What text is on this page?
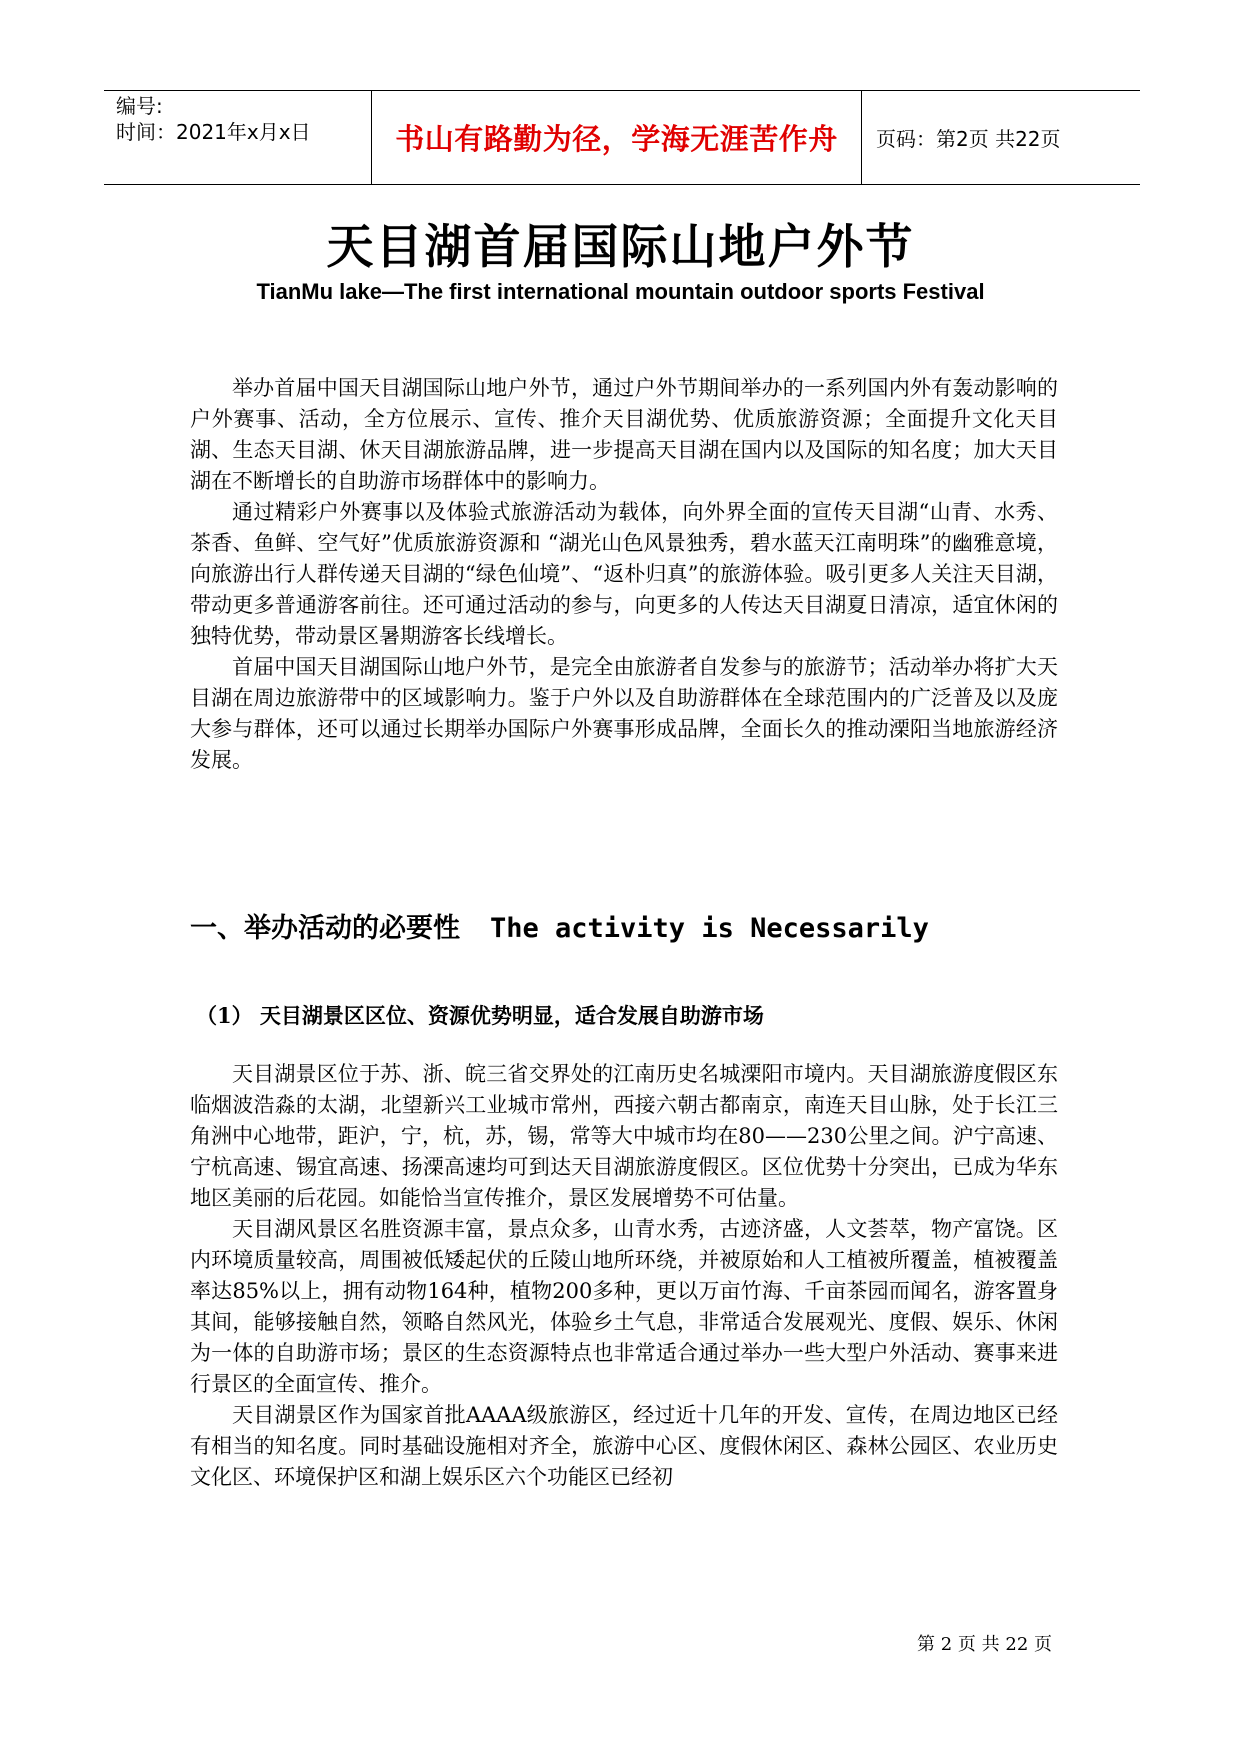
编号:
时间：2021年x月x日	书山有路勤为径，学海无涯苦作舟	页码：第2页 共22页
天目湖首届国际山地户外节
TianMu lake—The first international mountain outdoor sports Festival

举办首届中国天目湖国际山地户外节，通过户外节期间举办的一系列国内外有轰动影响的户外赛事、活动，全方位展示、宣传、推介天目湖优势、优质旅游资源；全面提升文化天目湖、生态天目湖、休天目湖旅游品牌，进一步提高天目湖在国内以及国际的知名度；加大天目湖在不断增长的自助游市场群体中的影响力。

通过精彩户外赛事以及体验式旅游活动为载体，向外界全面的宣传天目湖“山青、水秀、茶香、鱼鲜、空气好”优质旅游资源和 “湖光山色风景独秀，碧水蓝天江南明珠”的幽雅意境，向旅游出行人群传递天目湖的“绿色仙境”、“返朴归真”的旅游体验。吸引更多人关注天目湖，带动更多普通游客前往。还可通过活动的参与，向更多的人传达天目湖夏日清凉，适宜休闲的独特优势，带动景区暑期游客长线增长。

首届中国天目湖国际山地户外节，是完全由旅游者自发参与的旅游节；活动举办将扩大天目湖在周边旅游带中的区域影响力。鉴于户外以及自助游群体在全球范围内的广泛普及以及庞大参与群体，还可以通过长期举办国际户外赛事形成品牌，全面长久的推动溧阳当地旅游经济发展。

一、举办活动的必要性 The activity is Necessarily
（1） 天目湖景区区位、资源优势明显，适合发展自助游市场

天目湖景区位于苏、浙、皖三省交界处的江南历史名城溧阳市境内。天目湖旅游度假区东临烟波浩淼的太湖，北望新兴工业城市常州，西接六朝古都南京，南连天目山脉，处于长江三角洲中心地带，距沪，宁，杭，苏，锡，常等大中城市均在80——230公里之间。沪宁高速、宁杭高速、锡宜高速、扬溧高速均可到达天目湖旅游度假区。区位优势十分突出，已成为华东地区美丽的后花园。如能恰当宣传推介，景区发展增势不可估量。

天目湖风景区名胜资源丰富，景点众多，山青水秀，古迹济盛，人文荟萃，物产富饶。区内环境质量较高，周围被低矮起伏的丘陵山地所环绕，并被原始和人工植被所覆盖，植被覆盖率达85%以上，拥有动物164种，植物200多种，更以万亩竹海、千亩茶园而闻名，游客置身其间，能够接触自然，领略自然风光，体验乡土气息，非常适合发展观光、度假、娱乐、休闲为一体的自助游市场；景区的生态资源特点也非常适合通过举办一些大型户外活动、赛事来进行景区的全面宣传、推介。

天目湖景区作为国家首批AAAA级旅游区，经过近十几年的开发、宣传，在周边地区已经有相当的知名度。同时基础设施相对齐全，旅游中心区、度假休闲区、森林公园区、农业历史文化区、环境保护区和湖上娱乐区六个功能区已经初

第 2 页 共 22 页
